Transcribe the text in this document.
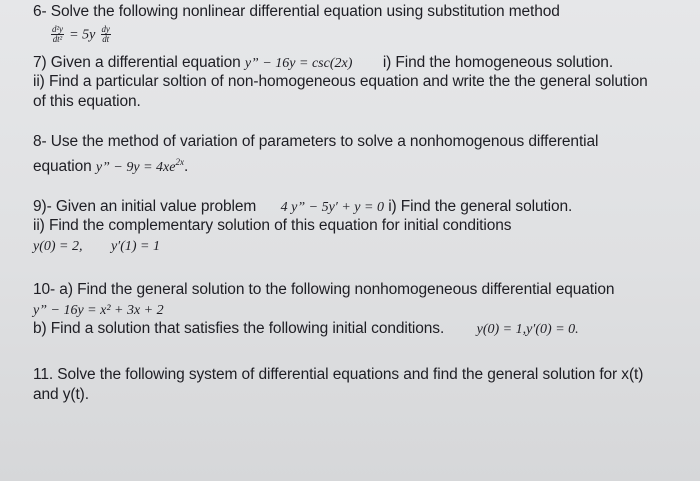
6- Solve the following nonlinear differential equation using substitution method
$\frac{\text{d²y}}{\text{dt²}} = 5y \frac{dy}{dt}$
7) Given a differential equation y” − 16y = csc(2x) i) Find the homogeneous solution.
ii) Find a particular soltion of non-homogeneous equation and write the the general solution
of this equation.
8- Use the method of variation of parameters to solve a nonhomogenous differential
equation y” − $9y = 4xe^{2x}$.
9)- Given an initial value problem 4 y” − 5y′ + y = 0 i) Find the general solution.
ii) Find the complementary solution of this equation for initial conditions
y(0) = 2, y′(1) = 1
10- a) Find the general solution to the following nonhomogeneous differential equation
y” − 16y = x² + 3x + 2
b) Find a solution that satisfies the following initial conditions. y(0) = 1,y′(0) = 0.
11. Solve the following system of differential equations and find the general solution for x(t)
and y(t).
